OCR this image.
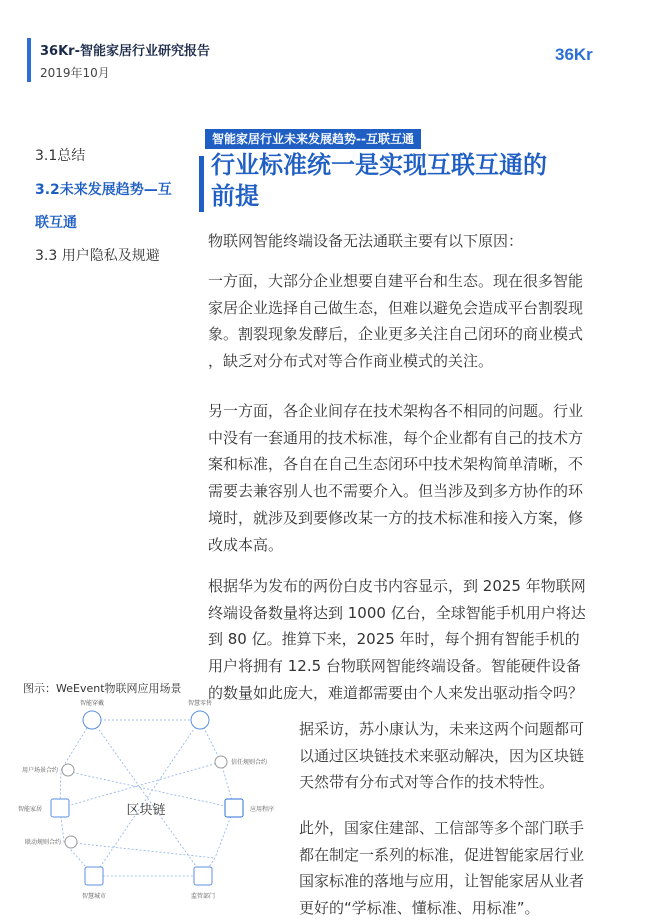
36Kr-智能家居行业研究报告
2019年10月
36Kr
3.1总结
3.2未来发展趋势—互
联互通
3.3 用户隐私及规避
智能家居行业未来发展趋势--互联互通
行业标准统一是实现互联互通的
前提
物联网智能终端设备无法通联主要有以下原因：
一方面，大部分企业想要自建平台和生态。现在很多智能
家居企业选择自己做生态，但难以避免会造成平台割裂现
象。割裂现象发酵后，企业更多关注自己闭环的商业模式
，缺乏对分布式对等合作商业模式的关注。
另一方面，各企业间存在技术架构各不相同的问题。行业
中没有一套通用的技术标准，每个企业都有自己的技术方
案和标准，各自在自己生态闭环中技术架构简单清晰，不
需要去兼容别人也不需要介入。但当涉及到多方协作的环
境时，就涉及到要修改某一方的技术标准和接入方案，修
改成本高。
根据华为发布的两份白皮书内容显示，到 2025 年物联网
终端设备数量将达到 1000 亿台，全球智能手机用户将达
到 80 亿。推算下来，2025 年时，每个拥有智能手机的
用户将拥有 12.5 台物联网智能终端设备。智能硬件设备
的数量如此庞大，难道都需要由个人来发出驱动指令吗？
据采访，苏小康认为，未来这两个问题都可
以通过区块链技术来驱动解决，因为区块链
天然带有分布式对等合作的技术特性。
此外，国家住建部、工信部等多个部门联手
都在制定一系列的标准，促进智能家居行业
国家标准的落地与应用，让智能家居从业者
更好的“学标准、懂标准、用标准”。
图示：WeEvent物联网应用场景
区块链
智能穿戴	智慧零售
信任规则合约
应用程序
监管部门
智慧城市
联动规则合约
智能家居
用户场景合约
